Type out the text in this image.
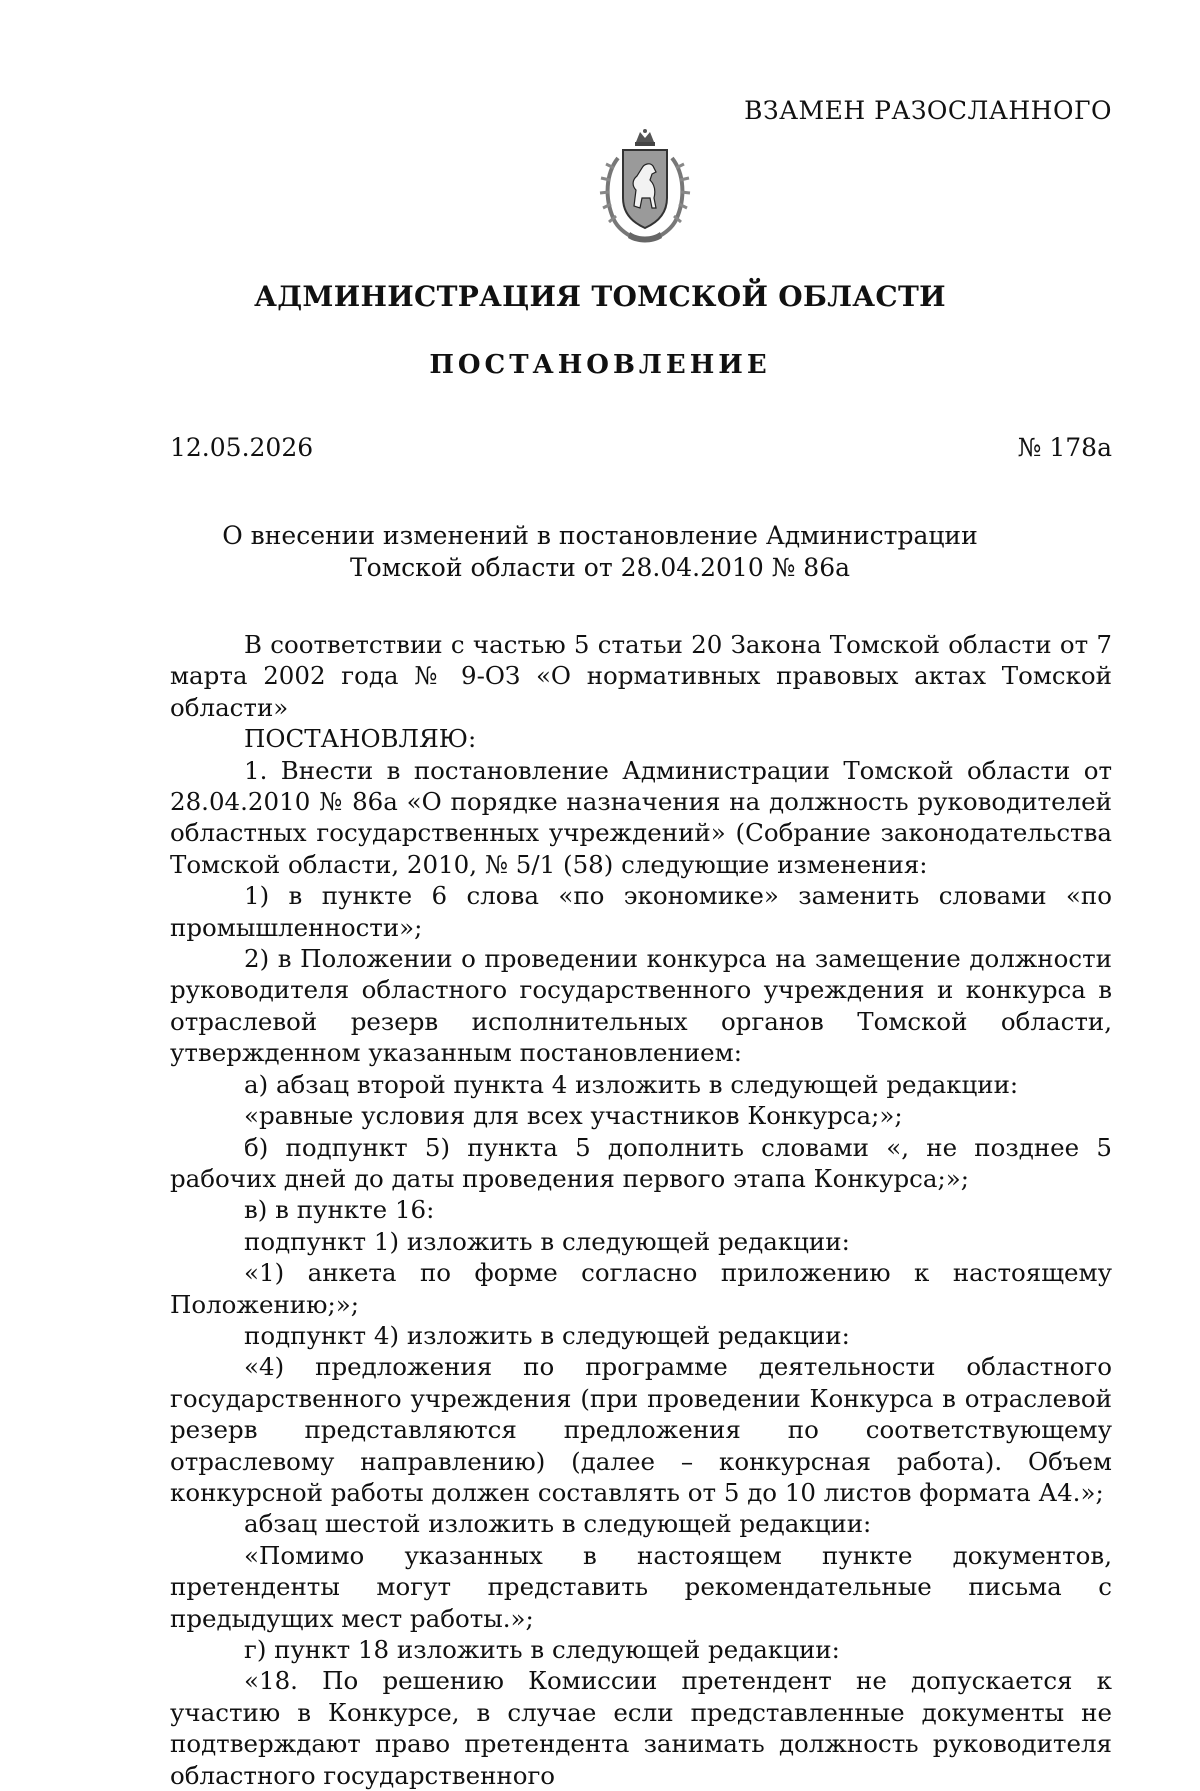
ВЗАМЕН РАЗОСЛАННОГО
АДМИНИСТРАЦИЯ ТОМСКОЙ ОБЛАСТИ
ПОСТАНОВЛЕНИЕ
12.05.2026	№ 178а
О внесении изменений в постановление Администрации
Томской области от 28.04.2010 № 86а

В соответствии с частью 5 статьи 20 Закона Томской области от 7 марта 2002 года № 9-ОЗ «О нормативных правовых актах Томской области»

ПОСТАНОВЛЯЮ:

1. Внести в постановление Администрации Томской области от 28.04.2010 № 86а «О порядке назначения на должность руководителей областных государственных учреждений» (Собрание законодательства Томской области, 2010, № 5/1 (58) следующие изменения:

1) в пункте 6 слова «по экономике» заменить словами «по промышленности»;

2) в Положении о проведении конкурса на замещение должности руководителя областного государственного учреждения и конкурса в отраслевой резерв исполнительных органов Томской области, утвержденном указанным постановлением:

а) абзац второй пункта 4 изложить в следующей редакции:

«равные условия для всех участников Конкурса;»;

б) подпункт 5) пункта 5 дополнить словами «, не позднее 5 рабочих дней до даты проведения первого этапа Конкурса;»;

в) в пункте 16:

подпункт 1) изложить в следующей редакции:

«1) анкета по форме согласно приложению к настоящему Положению;»;

подпункт 4) изложить в следующей редакции:

«4) предложения по программе деятельности областного государственного учреждения (при проведении Конкурса в отраслевой резерв представляются предложения по соответствующему отраслевому направлению) (далее – конкурсная работа). Объем конкурсной работы должен составлять от 5 до 10 листов формата А4.»;

абзац шестой изложить в следующей редакции:

«Помимо указанных в настоящем пункте документов, претенденты могут представить рекомендательные письма с предыдущих мест работы.»;

г) пункт 18 изложить в следующей редакции:

«18. По решению Комиссии претендент не допускается к участию в Конкурсе, в случае если представленные документы не подтверждают право претендента занимать должность руководителя областного государственного
